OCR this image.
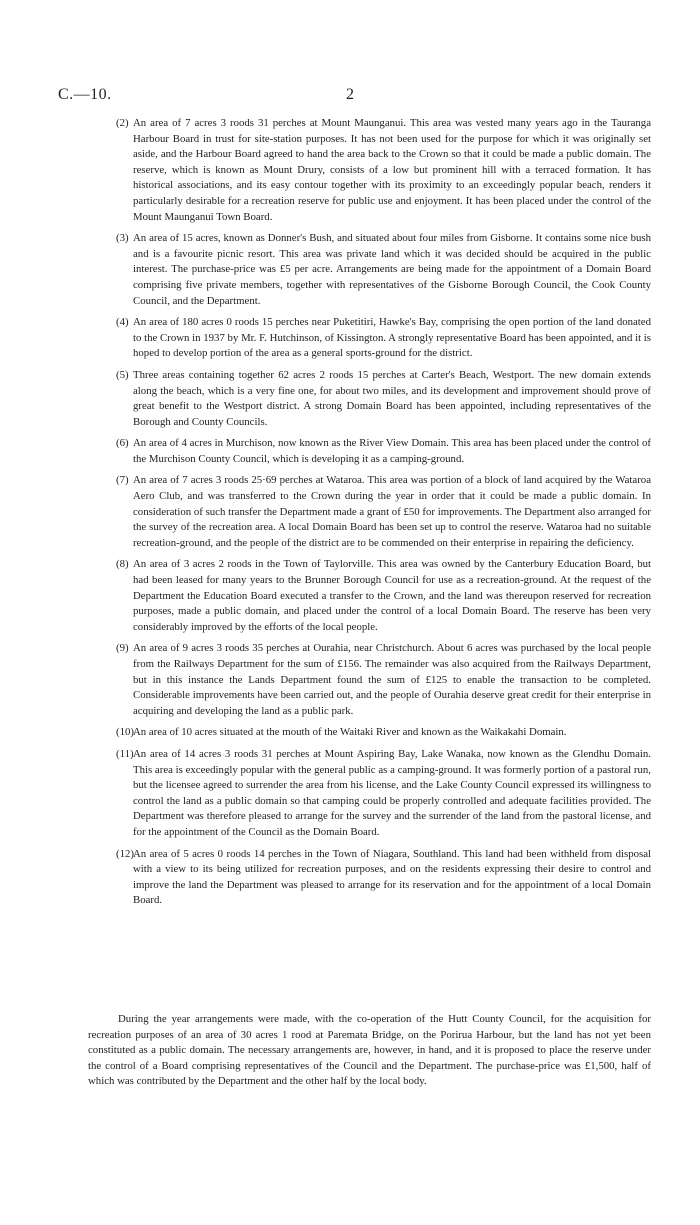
C.—10.	2
(2) An area of 7 acres 3 roods 31 perches at Mount Maunganui. This area was vested many years ago in the Tauranga Harbour Board in trust for site-station purposes. It has not been used for the purpose for which it was originally set aside, and the Harbour Board agreed to hand the area back to the Crown so that it could be made a public domain. The reserve, which is known as Mount Drury, consists of a low but prominent hill with a terraced formation. It has historical associations, and its easy contour together with its proximity to an exceedingly popular beach, renders it particularly desirable for a recreation reserve for public use and enjoyment. It has been placed under the control of the Mount Maunganui Town Board.
(3) An area of 15 acres, known as Donner's Bush, and situated about four miles from Gisborne. It contains some nice bush and is a favourite picnic resort. This area was private land which it was decided should be acquired in the public interest. The purchase-price was £5 per acre. Arrangements are being made for the appointment of a Domain Board comprising five private members, together with representatives of the Gisborne Borough Council, the Cook County Council, and the Department.
(4) An area of 180 acres 0 roods 15 perches near Puketitiri, Hawke's Bay, comprising the open portion of the land donated to the Crown in 1937 by Mr. F. Hutchinson, of Kissington. A strongly representative Board has been appointed, and it is hoped to develop portion of the area as a general sports-ground for the district.
(5) Three areas containing together 62 acres 2 roods 15 perches at Carter's Beach, Westport. The new domain extends along the beach, which is a very fine one, for about two miles, and its development and improvement should prove of great benefit to the Westport district. A strong Domain Board has been appointed, including representatives of the Borough and County Councils.
(6) An area of 4 acres in Murchison, now known as the River View Domain. This area has been placed under the control of the Murchison County Council, which is developing it as a camping-ground.
(7) An area of 7 acres 3 roods 25·69 perches at Wataroa. This area was portion of a block of land acquired by the Wataroa Aero Club, and was transferred to the Crown during the year in order that it could be made a public domain. In consideration of such transfer the Department made a grant of £50 for improvements. The Department also arranged for the survey of the recreation area. A local Domain Board has been set up to control the reserve. Wataroa had no suitable recreation-ground, and the people of the district are to be commended on their enterprise in repairing the deficiency.
(8) An area of 3 acres 2 roods in the Town of Taylorville. This area was owned by the Canterbury Education Board, but had been leased for many years to the Brunner Borough Council for use as a recreation-ground. At the request of the Department the Education Board executed a transfer to the Crown, and the land was thereupon reserved for recreation purposes, made a public domain, and placed under the control of a local Domain Board. The reserve has been very considerably improved by the efforts of the local people.
(9) An area of 9 acres 3 roods 35 perches at Ourahia, near Christchurch. About 6 acres was purchased by the local people from the Railways Department for the sum of £156. The remainder was also acquired from the Railways Department, but in this instance the Lands Department found the sum of £125 to enable the transaction to be completed. Considerable improvements have been carried out, and the people of Ourahia deserve great credit for their enterprise in acquiring and developing the land as a public park.
(10) An area of 10 acres situated at the mouth of the Waitaki River and known as the Waikakahi Domain.
(11) An area of 14 acres 3 roods 31 perches at Mount Aspiring Bay, Lake Wanaka, now known as the Glendhu Domain. This area is exceedingly popular with the general public as a camping-ground. It was formerly portion of a pastoral run, but the licensee agreed to surrender the area from his license, and the Lake County Council expressed its willingness to control the land as a public domain so that camping could be properly controlled and adequate facilities provided. The Department was therefore pleased to arrange for the survey and the surrender of the land from the pastoral license, and for the appointment of the Council as the Domain Board.
(12) An area of 5 acres 0 roods 14 perches in the Town of Niagara, Southland. This land had been withheld from disposal with a view to its being utilized for recreation purposes, and on the residents expressing their desire to control and improve the land the Department was pleased to arrange for its reservation and for the appointment of a local Domain Board.

During the year arrangements were made, with the co-operation of the Hutt County Council, for the acquisition for recreation purposes of an area of 30 acres 1 rood at Paremata Bridge, on the Porirua Harbour, but the land has not yet been constituted as a public domain. The necessary arrangements are, however, in hand, and it is proposed to place the reserve under the control of a Board comprising representatives of the Council and the Department. The purchase-price was £1,500, half of which was contributed by the Department and the other half by the local body.
